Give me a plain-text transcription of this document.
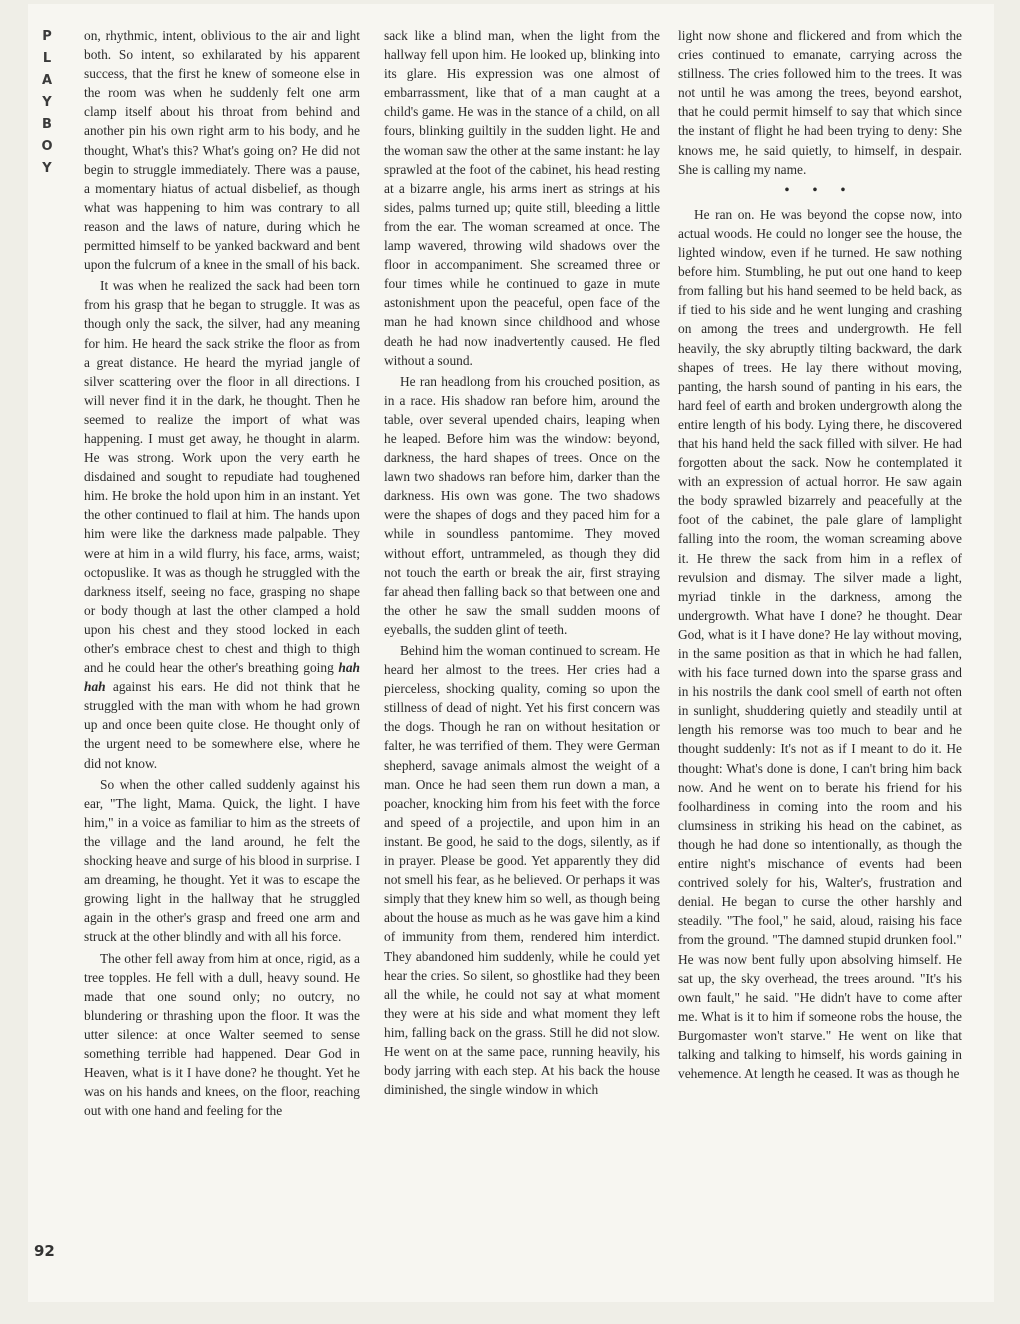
P
L
A
Y
B
O
Y
92

on, rhythmic, intent, oblivious to the air and light both. So intent, so exhilarated by his apparent success, that the first he knew of someone else in the room was when he suddenly felt one arm clamp itself about his throat from behind and another pin his own right arm to his body, and he thought, What's this? What's going on? He did not begin to struggle immediately. There was a pause, a momentary hiatus of actual disbelief, as though what was happening to him was contrary to all reason and the laws of nature, during which he permitted himself to be yanked backward and bent upon the fulcrum of a knee in the small of his back.

It was when he realized the sack had been torn from his grasp that he began to struggle. It was as though only the sack, the silver, had any meaning for him. He heard the sack strike the floor as from a great distance. He heard the myriad jangle of silver scattering over the floor in all directions. I will never find it in the dark, he thought. Then he seemed to realize the import of what was happening. I must get away, he thought in alarm. He was strong. Work upon the very earth he disdained and sought to repudiate had toughened him. He broke the hold upon him in an instant. Yet the other continued to flail at him. The hands upon him were like the darkness made palpable. They were at him in a wild flurry, his face, arms, waist; octopuslike. It was as though he struggled with the darkness itself, seeing no face, grasping no shape or body though at last the other clamped a hold upon his chest and they stood locked in each other's embrace chest to chest and thigh to thigh and he could hear the other's breathing going hah hah against his ears. He did not think that he struggled with the man with whom he had grown up and once been quite close. He thought only of the urgent need to be somewhere else, where he did not know.

So when the other called suddenly against his ear, "The light, Mama. Quick, the light. I have him," in a voice as familiar to him as the streets of the village and the land around, he felt the shocking heave and surge of his blood in surprise. I am dreaming, he thought. Yet it was to escape the growing light in the hallway that he struggled again in the other's grasp and freed one arm and struck at the other blindly and with all his force.

The other fell away from him at once, rigid, as a tree topples. He fell with a dull, heavy sound. He made that one sound only; no outcry, no blundering or thrashing upon the floor. It was the utter silence: at once Walter seemed to sense something terrible had happened. Dear God in Heaven, what is it I have done? he thought. Yet he was on his hands and knees, on the floor, reaching out with one hand and feeling for the

sack like a blind man, when the light from the hallway fell upon him. He looked up, blinking into its glare. His expression was one almost of embarrassment, like that of a man caught at a child's game. He was in the stance of a child, on all fours, blinking guiltily in the sudden light. He and the woman saw the other at the same instant: he lay sprawled at the foot of the cabinet, his head resting at a bizarre angle, his arms inert as strings at his sides, palms turned up; quite still, bleeding a little from the ear. The woman screamed at once. The lamp wavered, throwing wild shadows over the floor in accompaniment. She screamed three or four times while he continued to gaze in mute astonishment upon the peaceful, open face of the man he had known since childhood and whose death he had now inadvertently caused. He fled without a sound.

He ran headlong from his crouched position, as in a race. His shadow ran before him, around the table, over several upended chairs, leaping when he leaped. Before him was the window: beyond, darkness, the hard shapes of trees. Once on the lawn two shadows ran before him, darker than the darkness. His own was gone. The two shadows were the shapes of dogs and they paced him for a while in soundless pantomime. They moved without effort, untrammeled, as though they did not touch the earth or break the air, first straying far ahead then falling back so that between one and the other he saw the small sudden moons of eyeballs, the sudden glint of teeth.

Behind him the woman continued to scream. He heard her almost to the trees. Her cries had a pierceless, shocking quality, coming so upon the stillness of dead of night. Yet his first concern was the dogs. Though he ran on without hesitation or falter, he was terrified of them. They were German shepherd, savage animals almost the weight of a man. Once he had seen them run down a man, a poacher, knocking him from his feet with the force and speed of a projectile, and upon him in an instant. Be good, he said to the dogs, silently, as if in prayer. Please be good. Yet apparently they did not smell his fear, as he believed. Or perhaps it was simply that they knew him so well, as though being about the house as much as he was gave him a kind of immunity from them, rendered him interdict. They abandoned him suddenly, while he could yet hear the cries. So silent, so ghostlike had they been all the while, he could not say at what moment they were at his side and what moment they left him, falling back on the grass. Still he did not slow. He went on at the same pace, running heavily, his body jarring with each step. At his back the house diminished, the single window in which

light now shone and flickered and from which the cries continued to emanate, carrying across the stillness. The cries followed him to the trees. It was not until he was among the trees, beyond earshot, that he could permit himself to say that which since the instant of flight he had been trying to deny: She knows me, he said quietly, to himself, in despair. She is calling my name.

• • •

He ran on. He was beyond the copse now, into actual woods. He could no longer see the house, the lighted window, even if he turned. He saw nothing before him. Stumbling, he put out one hand to keep from falling but his hand seemed to be held back, as if tied to his side and he went lunging and crashing on among the trees and undergrowth. He fell heavily, the sky abruptly tilting backward, the dark shapes of trees. He lay there without moving, panting, the harsh sound of panting in his ears, the hard feel of earth and broken undergrowth along the entire length of his body. Lying there, he discovered that his hand held the sack filled with silver. He had forgotten about the sack. Now he contemplated it with an expression of actual horror. He saw again the body sprawled bizarrely and peacefully at the foot of the cabinet, the pale glare of lamplight falling into the room, the woman screaming above it. He threw the sack from him in a reflex of revulsion and dismay. The silver made a light, myriad tinkle in the darkness, among the undergrowth. What have I done? he thought. Dear God, what is it I have done? He lay without moving, in the same position as that in which he had fallen, with his face turned down into the sparse grass and in his nostrils the dank cool smell of earth not often in sunlight, shuddering quietly and steadily until at length his remorse was too much to bear and he thought suddenly: It's not as if I meant to do it. He thought: What's done is done, I can't bring him back now. And he went on to berate his friend for his foolhardiness in coming into the room and his clumsiness in striking his head on the cabinet, as though he had done so intentionally, as though the entire night's mischance of events had been contrived solely for his, Walter's, frustration and denial. He began to curse the other harshly and steadily. "The fool," he said, aloud, raising his face from the ground. "The damned stupid drunken fool." He was now bent fully upon absolving himself. He sat up, the sky overhead, the trees around. "It's his own fault," he said. "He didn't have to come after me. What is it to him if someone robs the house, the Burgomaster won't starve." He went on like that talking and talking to himself, his words gaining in vehemence. At length he ceased. It was as though he
